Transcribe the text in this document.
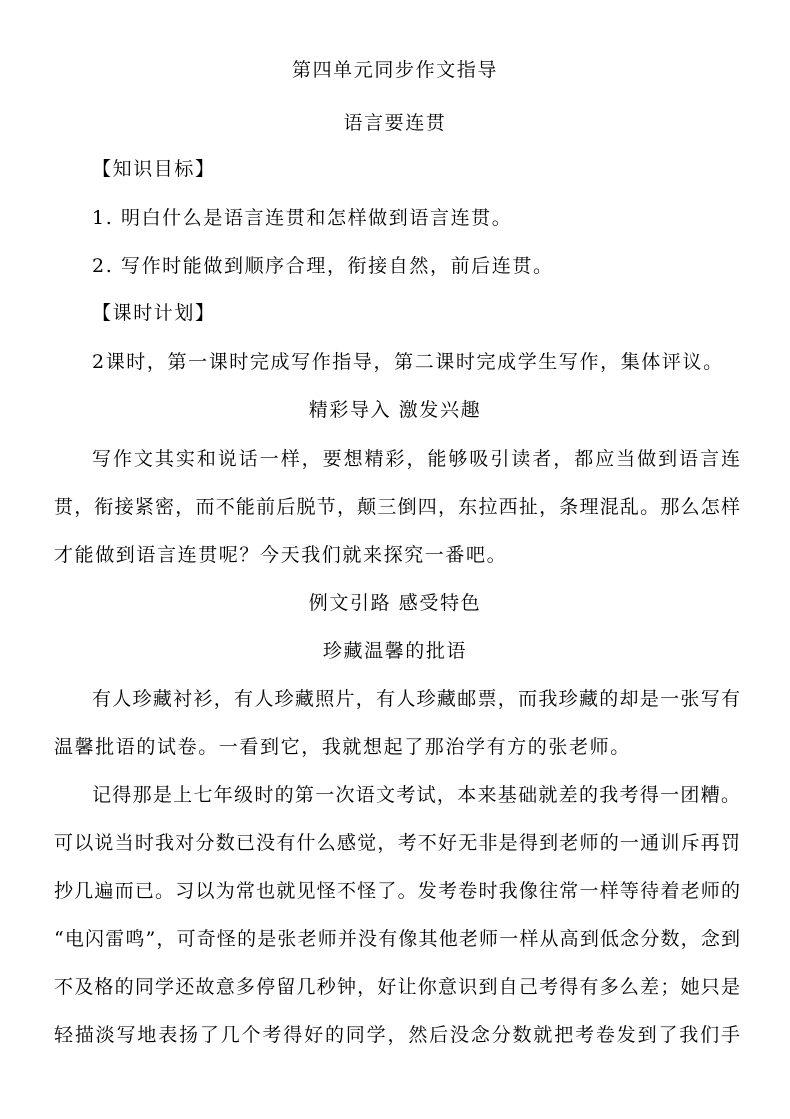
第四单元同步作文指导
语言要连贯
【知识目标】
1. 明白什么是语言连贯和怎样做到语言连贯。
2. 写作时能做到顺序合理，衔接自然，前后连贯。
【课时计划】
2课时，第一课时完成写作指导，第二课时完成学生写作，集体评议。
精彩导入 激发兴趣
写作文其实和说话一样，要想精彩，能够吸引读者，都应当做到语言连
贯，衔接紧密，而不能前后脱节，颠三倒四，东拉西扯，条理混乱。那么怎样
才能做到语言连贯呢？今天我们就来探究一番吧。
例文引路 感受特色
珍藏温馨的批语
有人珍藏衬衫，有人珍藏照片，有人珍藏邮票，而我珍藏的却是一张写有
温馨批语的试卷。一看到它，我就想起了那治学有方的张老师。
记得那是上七年级时的第一次语文考试，本来基础就差的我考得一团糟。
可以说当时我对分数已没有什么感觉，考不好无非是得到老师的一通训斥再罚
抄几遍而已。习以为常也就见怪不怪了。发考卷时我像往常一样等待着老师的
“电闪雷鸣”，可奇怪的是张老师并没有像其他老师一样从高到低念分数，念到
不及格的同学还故意多停留几秒钟，好让你意识到自己考得有多么差；她只是
轻描淡写地表扬了几个考得好的同学，然后没念分数就把考卷发到了我们手
